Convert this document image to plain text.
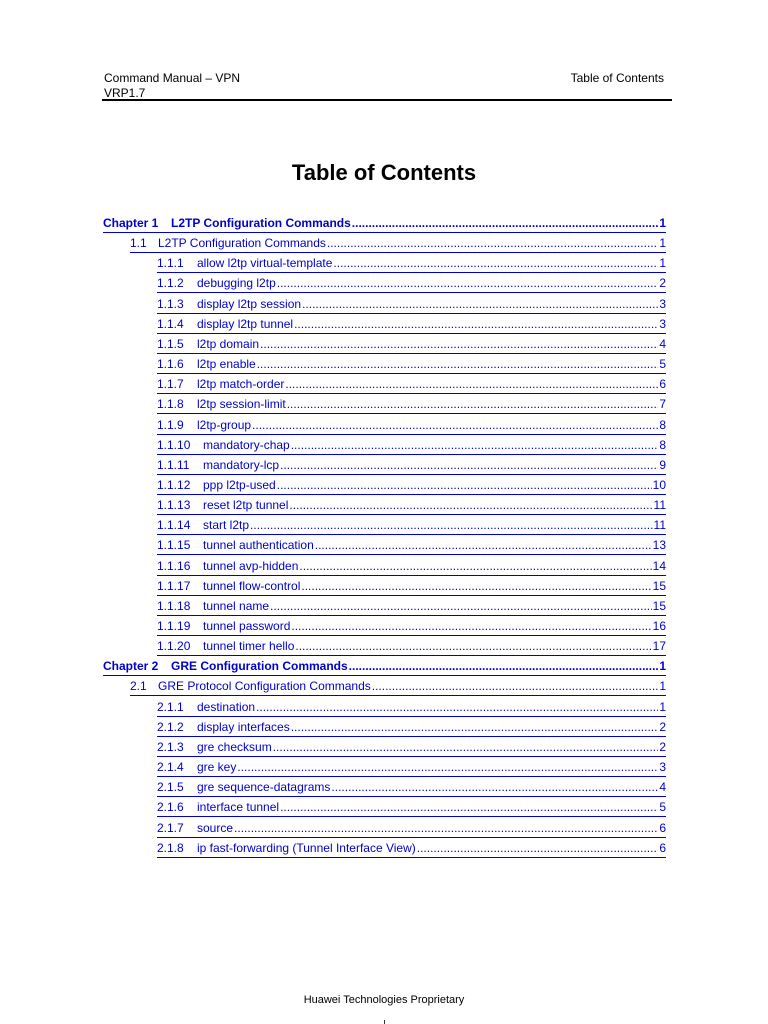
Command Manual – VPN
VRP1.7
Table of Contents
Table of Contents
Chapter 1	L2TP Configuration Commands .....	1
1.1 L2TP Configuration Commands .....	1
1.1.1	allow l2tp virtual-template .....	1
1.1.2	debugging l2tp .....	2
1.1.3	display l2tp session .....	3
1.1.4	display l2tp tunnel .....	3
1.1.5	l2tp domain .....	4
1.1.6	l2tp enable .....	5
1.1.7	l2tp match-order .....	6
1.1.8	l2tp session-limit .....	7
1.1.9	l2tp-group .....	8
1.1.10	mandatory-chap .....	8
1.1.11	mandatory-lcp .....	9
1.1.12	ppp l2tp-used .....	10
1.1.13	reset l2tp tunnel .....	11
1.1.14	start l2tp .....	11
1.1.15	tunnel authentication .....	13
1.1.16	tunnel avp-hidden .....	14
1.1.17	tunnel flow-control .....	15
1.1.18	tunnel name .....	15
1.1.19	tunnel password .....	16
1.1.20	tunnel timer hello .....	17
Chapter 2	GRE Configuration Commands .....	1
2.1 GRE Protocol Configuration Commands .....	1
2.1.1	destination .....	1
2.1.2	display interfaces .....	2
2.1.3	gre checksum .....	2
2.1.4	gre key .....	3
2.1.5	gre sequence-datagrams .....	4
2.1.6	interface tunnel .....	5
2.1.7	source .....	6
2.1.8	ip fast-forwarding (Tunnel Interface View) .....	6
Huawei Technologies Proprietary
